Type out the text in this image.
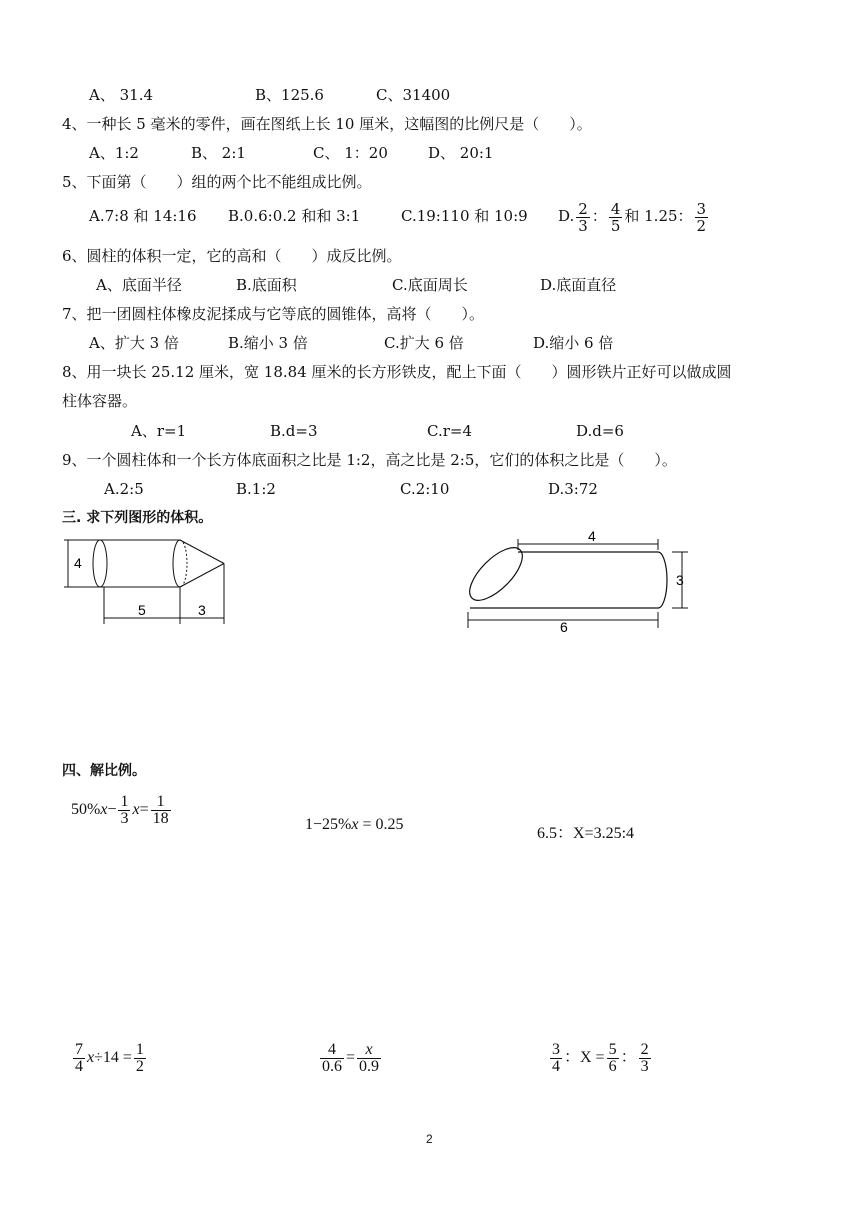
A、 31.4	B、125.6	C、31400
4、一种长 5 毫米的零件，画在图纸上长 10 厘米，这幅图的比例尺是（　　）。
A、1:2	B、 2:1	C、 1：20	D、 20:1
5、下面第（　　）组的两个比不能组成比例。
A.7:8 和 14:16 B.0.6:0.2 和和 3:1	C.19:110 和 10:9 D. $\frac{2}{3}$ ： $\frac{4}{5}$ 和 1.25： $\frac{3}{2}$
6、圆柱的体积一定，它的高和（　　）成反比例。
A、底面半径	B.底面积	C.底面周长	D.底面直径
7、把一团圆柱体橡皮泥揉成与它等底的圆锥体，高将（　　）。
A、扩大 3 倍	B.缩小 3 倍	C.扩大 6 倍	D.缩小 6 倍
8、用一块长 25.12 厘米，宽 18.84 厘米的长方形铁皮，配上下面（　　）圆形铁片正好可以做成圆
柱体容器。
A、r=1	B.d=3	C.r=4	D.d=6
9、一个圆柱体和一个长方体底面积之比是 1:2，高之比是 2:5，它们的体积之比是（　　）。
A.2:5	B.1:2	C.2:10	D.3:72
三. 求下列图形的体积。
4
5	3
4
3
6
四、解比例。
$50\%x- \frac{1}{3} x= \frac{1}{18}$	1−25%x = 0.25
6.5：X=3.25:4
$\frac{7}{4} x\div 14 = \frac{1}{2}$	$\frac{4}{0.6} = \frac{x}{0.9}$	$\frac{3}{4}$ ：$X = \frac{5}{6}$ ： $\frac{2}{3}$
2
